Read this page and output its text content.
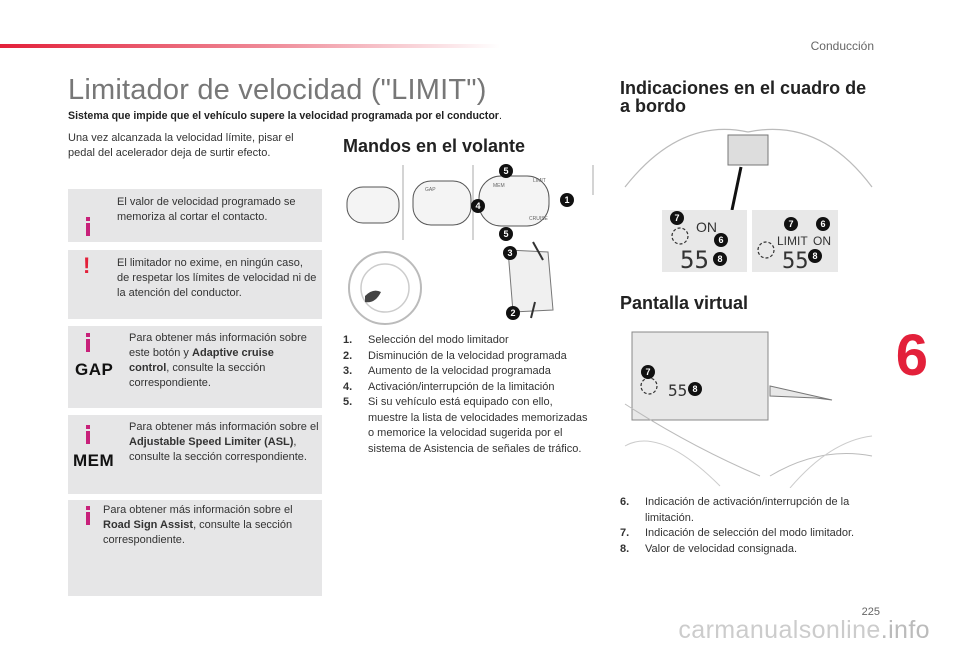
Conducción
Limitador de velocidad ("LIMIT")
Sistema que impide que el vehículo supere la velocidad programada por el conductor.
Una vez alcanzada la velocidad límite, pisar el pedal del acelerador deja de surtir efecto.
El valor de velocidad programado se memoriza al cortar el contacto.
! El limitador no exime, en ningún caso, de respetar los límites de velocidad ni de la atención del conductor.
GAP
Para obtener más información sobre este botón y Adaptive cruise control, consulte la sección correspondiente.
MEM
Para obtener más información sobre el Adjustable Speed Limiter (ASL), consulte la sección correspondiente.
Para obtener más información sobre el Road Sign Assist, consulte la sección correspondiente.
Mandos en el volante
GAP
MEM
LIMIT
CRUISE
5
1
4
5
3
2
1. Selección del modo limitador
2. Disminución de la velocidad programada
3. Aumento de la velocidad programada
4. Activación/interrupción de la limitación
5. Si su vehículo está equipado con ello, muestre la lista de velocidades memorizadas o memorice la velocidad sugerida por el sistema de Asistencia de señales de tráfico.
Indicaciones en el cuadro de a bordo
ON
55
LIMIT ON
55
7
6
8
7	6
8
Pantalla virtual
55
7
8
6. Indicación de activación/interrupción de la limitación.
7. Indicación de selección del modo limitador.
8. Valor de velocidad consignada.
6
225
carmanualsonline.info
